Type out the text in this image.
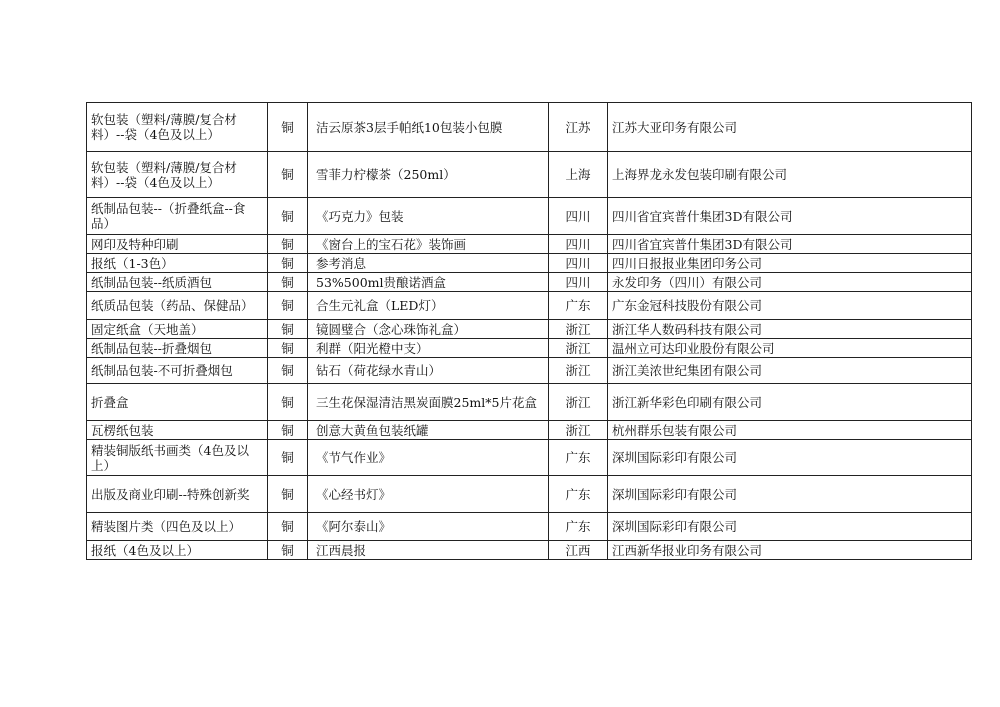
软包装（塑料/薄膜/复合材料）--袋（4色及以上）	铜	洁云原茶3层手帕纸10包装小包膜	江苏	江苏大亚印务有限公司
软包装（塑料/薄膜/复合材料）--袋（4色及以上）	铜	雪菲力柠檬茶（250ml）	上海	上海界龙永发包装印刷有限公司
纸制品包装--（折叠纸盒--食品）	铜	《巧克力》包装	四川	四川省宜宾普什集团3D有限公司
网印及特种印刷	铜	《窗台上的宝石花》装饰画	四川	四川省宜宾普什集团3D有限公司
报纸（1-3色）	铜	参考消息	四川	四川日报报业集团印务公司
纸制品包装--纸质酒包	铜	53%500ml贵酿诺酒盒	四川	永发印务（四川）有限公司
纸质品包装（药品、保健品）	铜	合生元礼盒（LED灯）	广东	广东金冠科技股份有限公司
固定纸盒（天地盖）	铜	镜圆璧合（念心珠饰礼盒）	浙江	浙江华人数码科技有限公司
纸制品包装--折叠烟包	铜	利群（阳光橙中支）	浙江	温州立可达印业股份有限公司
纸制品包装-不可折叠烟包	铜	钻石（荷花绿水青山）	浙江	浙江美浓世纪集团有限公司
折叠盒	铜	三生花保湿清洁黑炭面膜25ml*5片花盒	浙江	浙江新华彩色印刷有限公司
瓦楞纸包装	铜	创意大黄鱼包装纸罐	浙江	杭州群乐包装有限公司
精装铜版纸书画类（4色及以上）	铜	《节气作业》	广东	深圳国际彩印有限公司
出版及商业印刷--特殊创新奖	铜	《心经书灯》	广东	深圳国际彩印有限公司
精装图片类（四色及以上）	铜	《阿尔泰山》	广东	深圳国际彩印有限公司
报纸（4色及以上）	铜	江西晨报	江西	江西新华报业印务有限公司
